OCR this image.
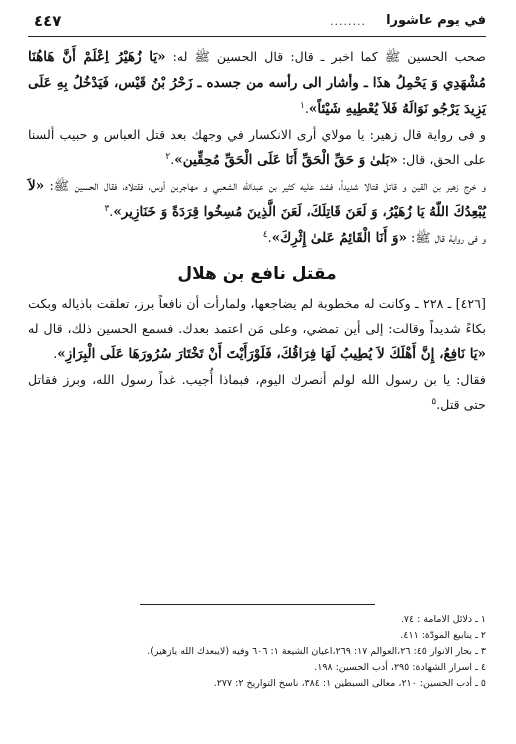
٤٤٧	........ في يوم عاشورا

صحب الحسين ﷺ كما اخبر ـ قال: قال الحسين ﷺ له: «يَا زُهَيْرُ اِعْلَمْ أَنَّ هَاهُنَا مُشْهَدِي وَ يَحْمِلُ هذَا ـ وأشار الى رأسه من جسده ـ زَحْرُ بْنُ قَيْس، فَيَدْخُلُ بِهِ عَلَى يَزِيدَ يَرْجُو نَوَالَهُ فَلاَ يُعْطِيهِ شَيْئاً».$^١$

و فى رواية قال زهير: يا مولاي أرى الانكسار في وجهك بعد قتل العباس و حبيب ألسنا على الحق، قال: «بَلىٰ وَ حَقِّ الْحَقِّ أَنَا عَلَى الْحَقِّ مُحِقِّين».$^٢$

و خرج زهير بن القين و قاتل قتالا شديداً، فشد عليه كثير بن عبدالله الشعبي و مهاجربن أوس، فقتلاه، فقال الحسين ﷺ: «لاَ يُبْعِدُكَ اللّهُ يَا زُهَيْرُ، وَ لَعَنَ قَاتِلَكَ، لَعَنَ الَّذِينَ مُسِخُوا قِرَدَةً وَ خَنَازِير».$^٣$

و فى رواية قال ﷺ: «وَ أَنَا الْقَائِمُ عَلىٰ إِثْرِكَ».$^٤$

مقتل نافع بن هلال

[٤٢٦] ـ ٢٢٨ ـ وكانت له مخطوبة لم يضاجعها، ولمارأت أن نافعاً برز، تعلقت باذياله وبكت بكاءً شديداً وقالت: إلى أين تمضي، وعلى مَن اعتمد بعدك. فسمع الحسين ذلك، قال له «يَا نَافِعُ، إِنَّ أَهْلَكَ لاَ يُطِيبُ لَهَا فِرَاقُكَ، فَلَوْرَأَيْتَ أَنْ تَخْتَارَ سُرُورَهَا عَلَى الْبِرَازِ».

فقال: يا بن رسول الله لولم أنصرك اليوم، فبماذا أُجيب. غداً رسول الله، وبرز فقاتل حتى قتل.$^٥$

١ ـ دلائل الامامة : ٧٤.

٢ ـ ينابيع المودّة: ٤١١.

٣ ـ بحار الانوار ٤٥: ٢٦،العوالم ١٧: ٢٦٩،اعيان الشيعة ١: ٦٠٦ وفيه (لايبعدك الله يازهير).

٤ ـ اسرار الشهادة: ٢٩٥، أدب الحسين: ١٩٨.

٥ ـ أدب الحسين: ٢١٠، معالى السبطين ١: ٣٨٤، ناسخ التواريخ ٢: ٢٧٧.
